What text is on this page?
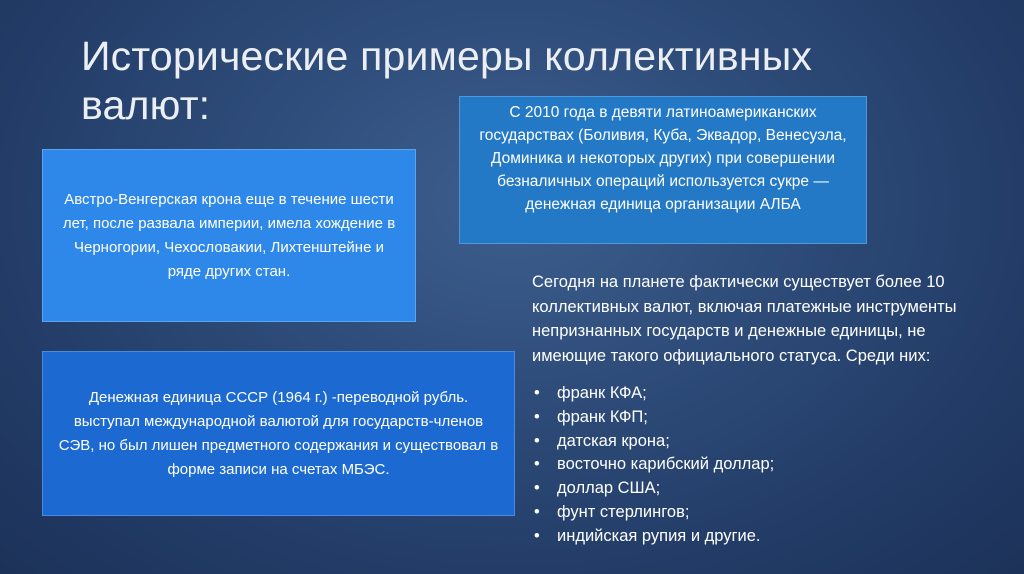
Исторические примеры коллективных валют:	С 2010 года в девяти латиноамериканских государствах (Боливия, Куба, Эквадор, Венесуэла, Доминика и некоторых других) при совершении безналичных операций используется сукре — денежная единица организации АЛБА
Австро-Венгерская крона еще в течение шести лет, после развала империи, имела хождение в Черногории, Чехословакии, Лихтенштейне и ряде других стан.
Денежная единица СССР (1964 г.) -переводной рубль. выступал международной валютой для государств-членов СЭВ, но был лишен предметного содержания и существовал в форме записи на счетах МБЭС.

Сегодня на планете фактически существует более 10 коллективных валют, включая платежные инструменты непризнанных государств и денежные единицы, не имеющие такого официального статуса. Среди них:

• франк КФА;
• франк КФП;
• датская крона;
• восточно карибский доллар;
• доллар США;
• фунт стерлингов;
• индийская рупия и другие.
